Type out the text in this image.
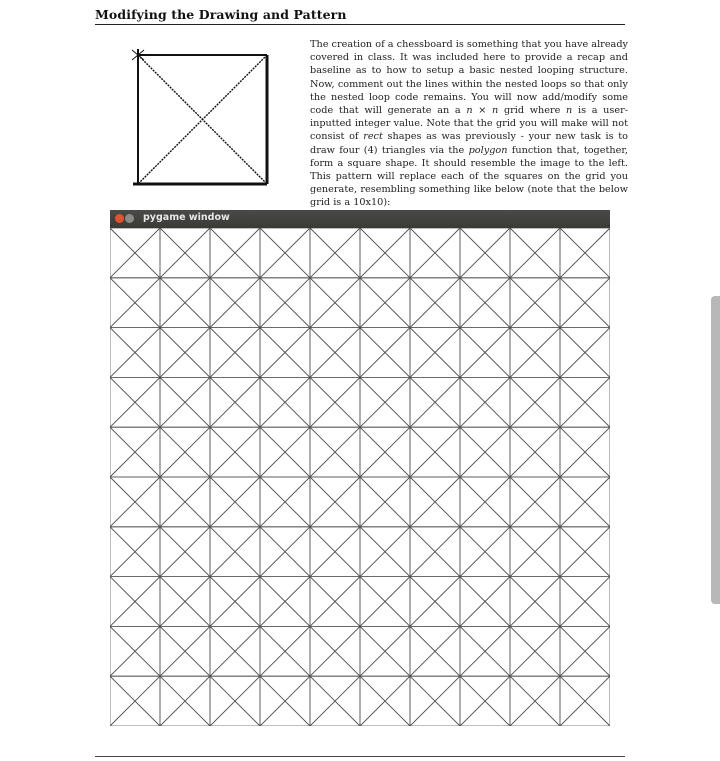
Modifying the Drawing and Pattern
The creation of a chessboard is something that you have already covered in class. It was included here to provide a recap and baseline as to how to setup a basic nested looping structure. Now, comment out the lines within the nested loops so that only the nested loop code remains. You will now add/modify some code that will generate an a n × n grid where n is a user-inputted integer value. Note that the grid you will make will not consist of rect shapes as was previously - your new task is to draw four (4) triangles via the polygon function that, together, form a square shape. It should resemble the image to the left. This pattern will replace each of the squares on the grid you generate, resembling something like below (note that the below grid is a 10x10):
pygame window
